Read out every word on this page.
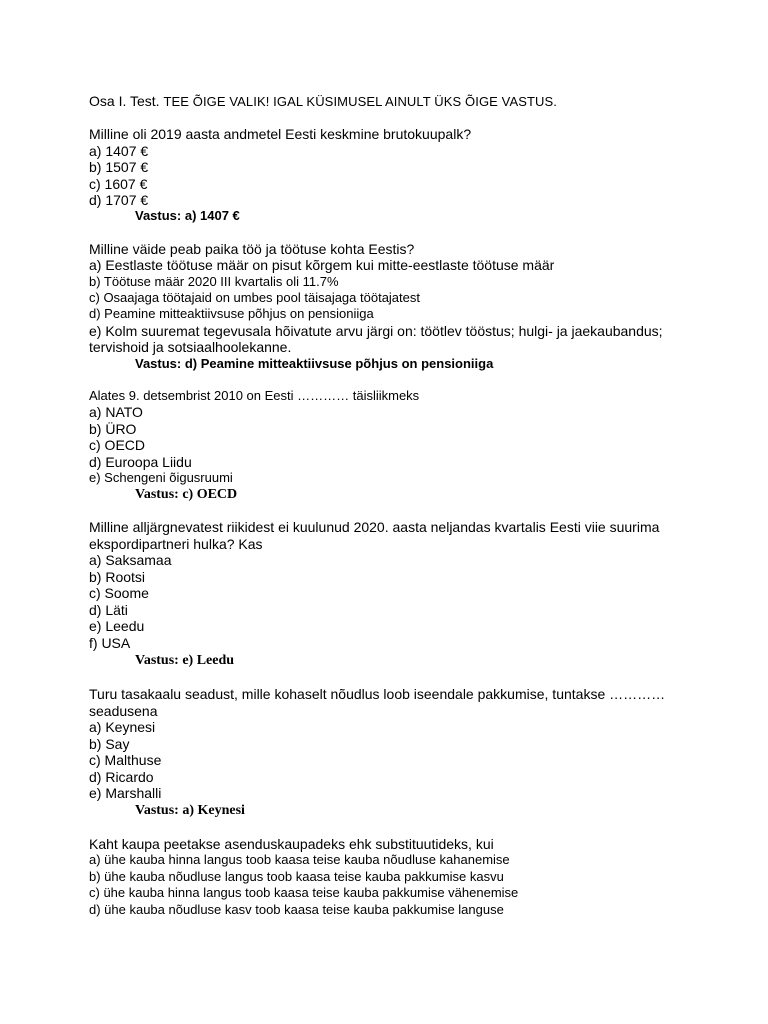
Osa I. Test. TEE ÕIGE VALIK! IGAL KÜSIMUSEL AINULT ÜKS ÕIGE VASTUS.
Milline oli 2019 aasta andmetel Eesti keskmine brutokuupalk?
a) 1407 €
b) 1507 €
c) 1607 €
d) 1707 €
Vastus: a) 1407 €
Milline väide peab paika töö ja töötuse kohta Eestis?
a) Eestlaste töötuse määr on pisut kõrgem kui mitte-eestlaste töötuse määr
b) Töötuse määr 2020 III kvartalis oli 11.7%
c) Osaajaga töötajaid on umbes pool täisajaga töötajatest
d) Peamine mitteaktiivsuse põhjus on pensioniiga
e) Kolm suuremat tegevusala hõivatute arvu järgi on: töötlev tööstus; hulgi- ja jaekaubandus;
tervishoid ja sotsiaalhoolekanne.
Vastus: d) Peamine mitteaktiivsuse põhjus on pensioniiga
Alates 9. detsembrist 2010 on Eesti ………… täisliikmeks
a) NATO
b) ÜRO
c) OECD
d) Euroopa Liidu
e) Schengeni õigusruumi
Vastus: c) OECD
Milline alljärgnevatest riikidest ei kuulunud 2020. aasta neljandas kvartalis Eesti viie suurima
ekspordipartneri hulka? Kas
a) Saksamaa
b) Rootsi
c) Soome
d) Läti
e) Leedu
f) USA
Vastus: e) Leedu
Turu tasakaalu seadust, mille kohaselt nõudlus loob iseendale pakkumise, tuntakse …………
seadusena
a) Keynesi
b) Say
c) Malthuse
d) Ricardo
e) Marshalli
Vastus: a) Keynesi
Kaht kaupa peetakse asenduskaupadeks ehk substituutideks, kui
a) ühe kauba hinna langus toob kaasa teise kauba nõudluse kahanemise
b) ühe kauba nõudluse langus toob kaasa teise kauba pakkumise kasvu
c) ühe kauba hinna langus toob kaasa teise kauba pakkumise vähenemise
d) ühe kauba nõudluse kasv toob kaasa teise kauba pakkumise languse
